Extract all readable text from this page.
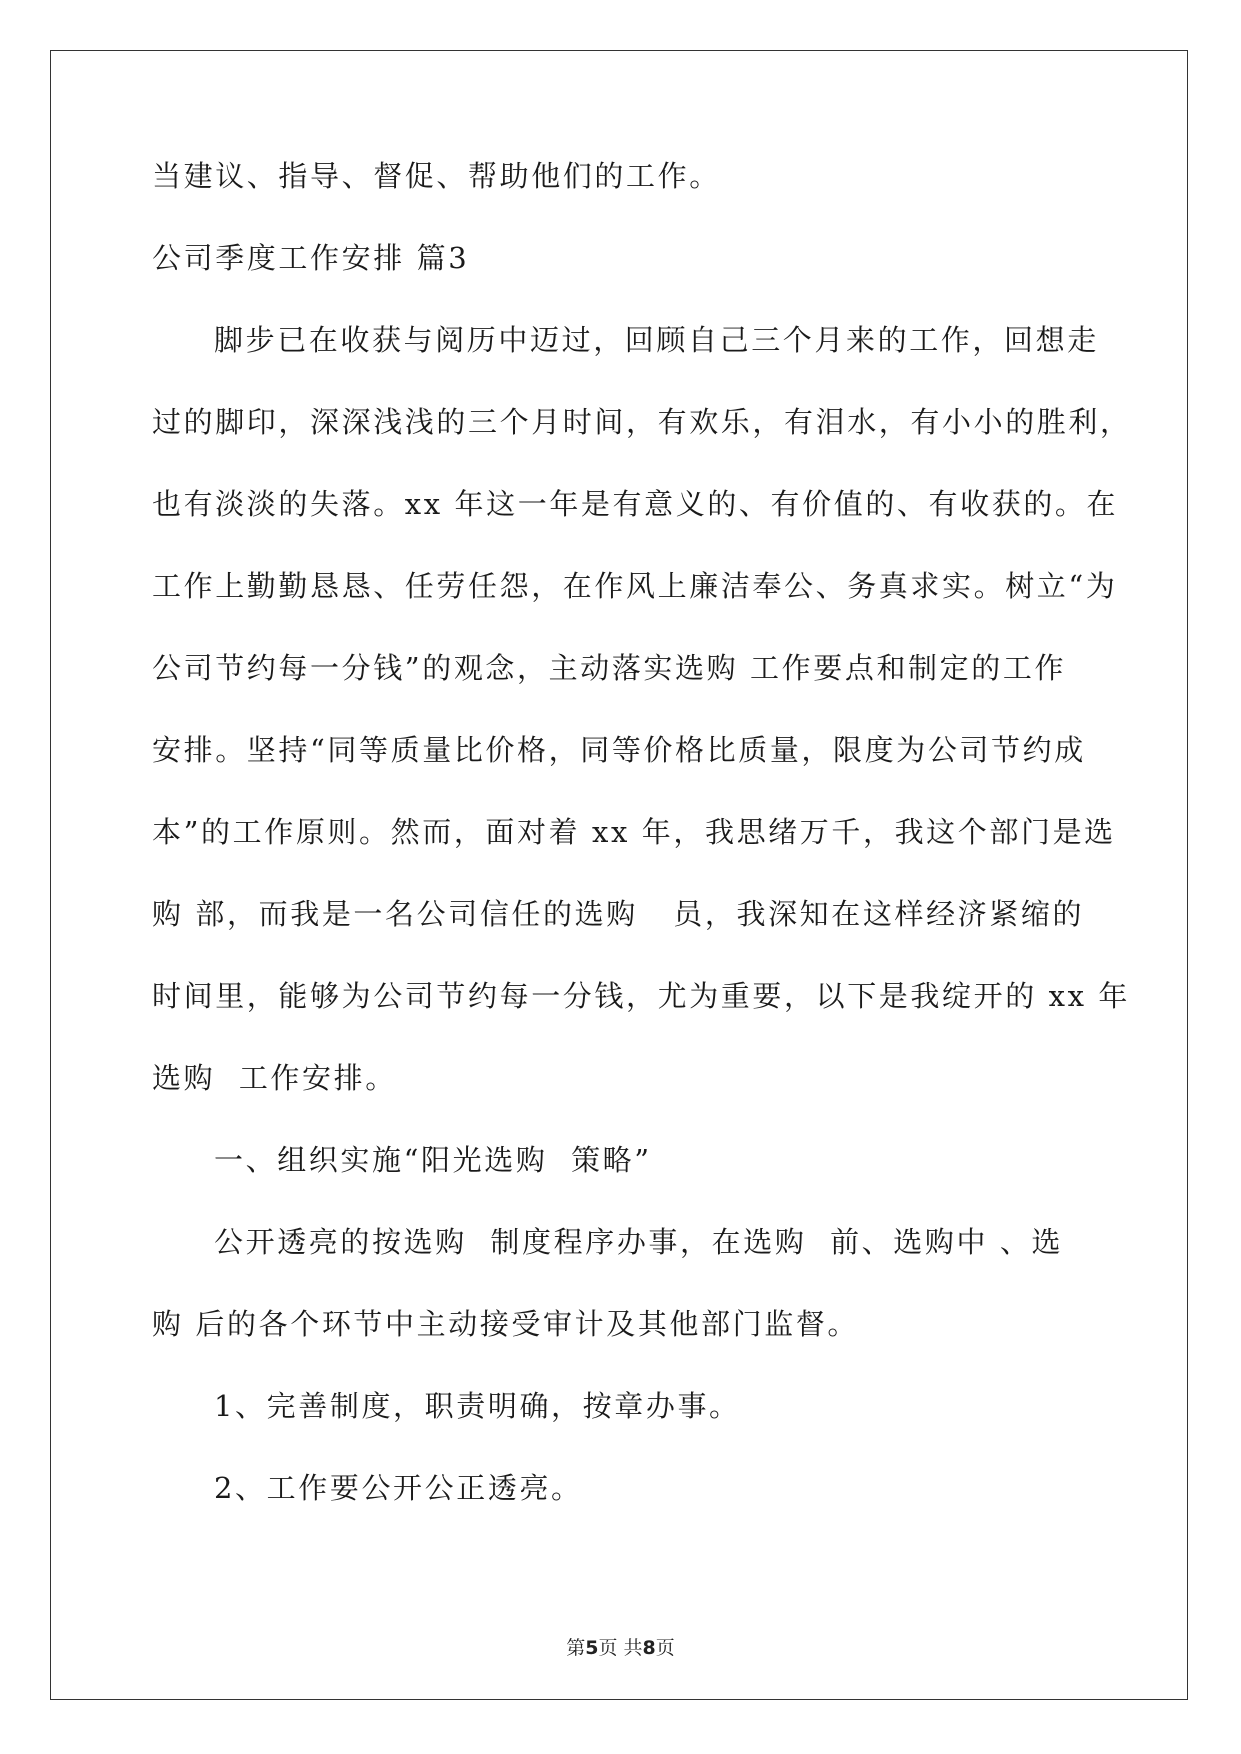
当建议、指导、督促、帮助他们的工作。
公司季度工作安排 篇3
脚步已在收获与阅历中迈过，回顾自己三个月来的工作，回想走
过的脚印，深深浅浅的三个月时间，有欢乐，有泪水，有小小的胜利，
也有淡淡的失落。xx 年这一年是有意义的、有价值的、有收获的。在
工作上勤勤恳恳、任劳任怨，在作风上廉洁奉公、务真求实。树立“为
公司节约每一分钱”的观念，主动落实选购 工作要点和制定的工作
安排。坚持“同等质量比价格，同等价格比质量，限度为公司节约成
本”的工作原则。然而，面对着 xx 年，我思绪万千，我这个部门是选
购 部，而我是一名公司信任的选购   员，我深知在这样经济紧缩的
时间里，能够为公司节约每一分钱，尤为重要，以下是我绽开的 xx 年
选购  工作安排。
一、组织实施“阳光选购  策略”
公开透亮的按选购  制度程序办事，在选购  前、选购中 、选
购 后的各个环节中主动接受审计及其他部门监督。
1、完善制度，职责明确，按章办事。
2、工作要公开公正透亮。
第5页 共8页
